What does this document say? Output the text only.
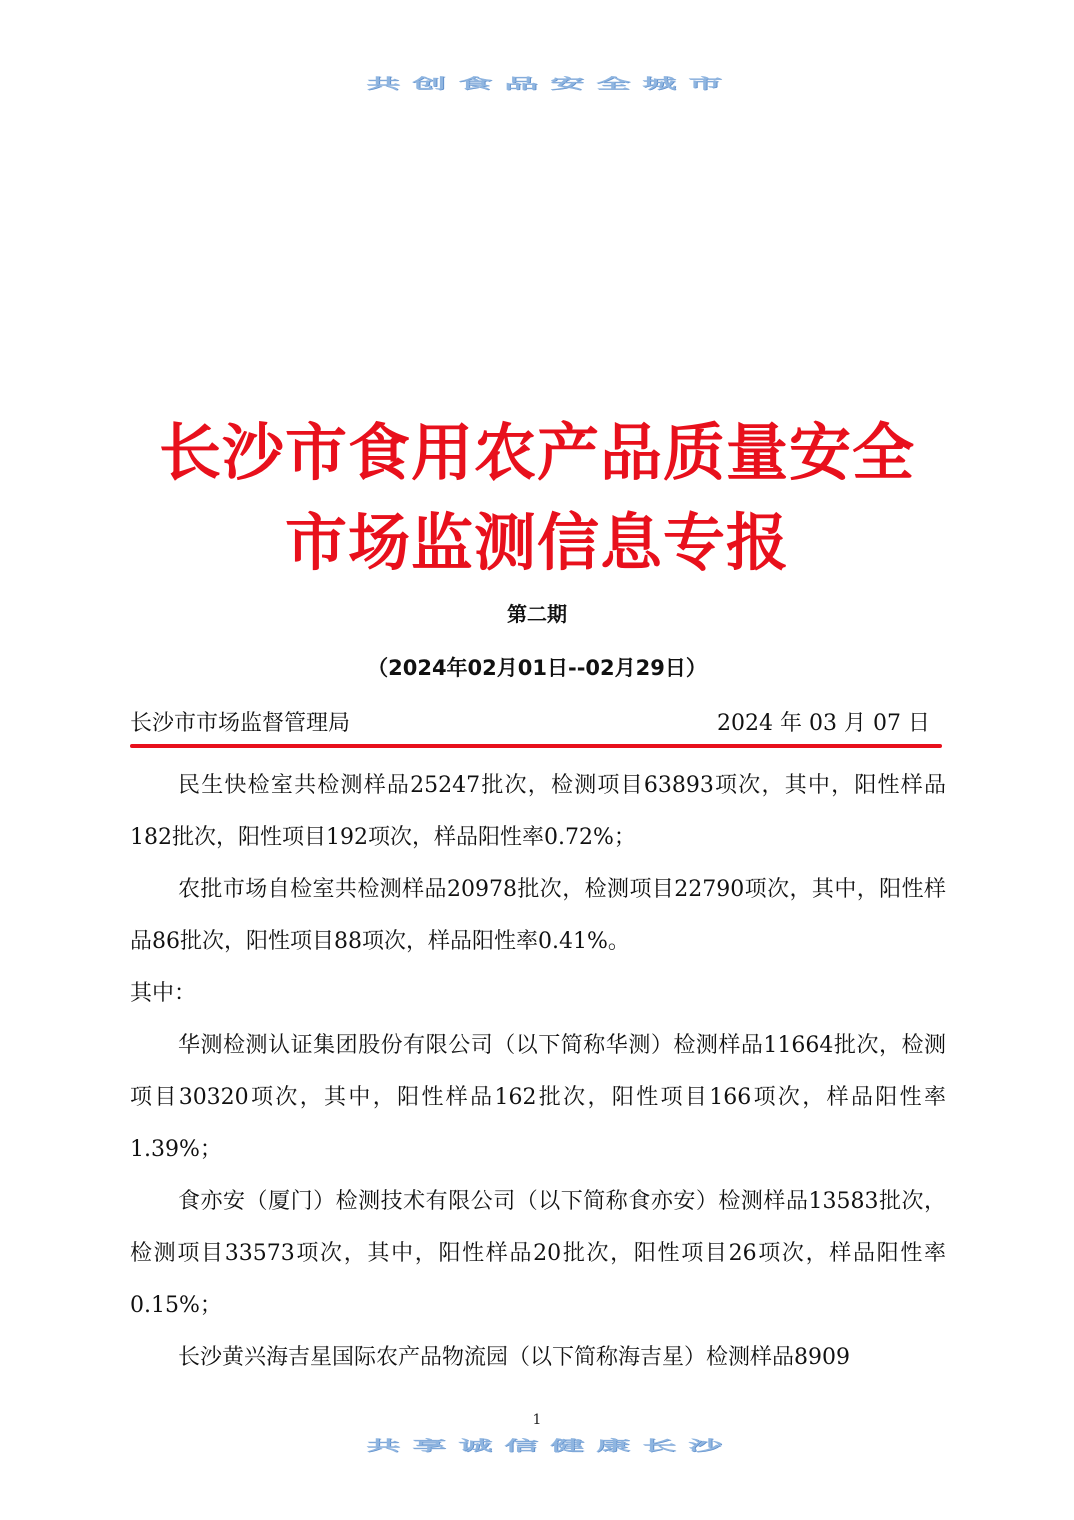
共创食品安全城市
长沙市食用农产品质量安全
市场监测信息专报
第二期
（2024年02月01日--02月29日）
长沙市市场监督管理局	2024 年 03 月 07 日

民生快检室共检测样品25247批次，检测项目63893项次，其中，阳性样品182批次，阳性项目192项次，样品阳性率0.72%；

农批市场自检室共检测样品20978批次，检测项目22790项次，其中，阳性样品86批次，阳性项目88项次，样品阳性率0.41%。

其中：

华测检测认证集团股份有限公司（以下简称华测）检测样品11664批次，检测项目30320项次，其中，阳性样品162批次，阳性项目166项次，样品阳性率1.39%；

食亦安（厦门）检测技术有限公司（以下简称食亦安）检测样品13583批次，检测项目33573项次，其中，阳性样品20批次，阳性项目26项次，样品阳性率0.15%；

长沙黄兴海吉星国际农产品物流园（以下简称海吉星）检测样品8909

1
共享诚信健康长沙
